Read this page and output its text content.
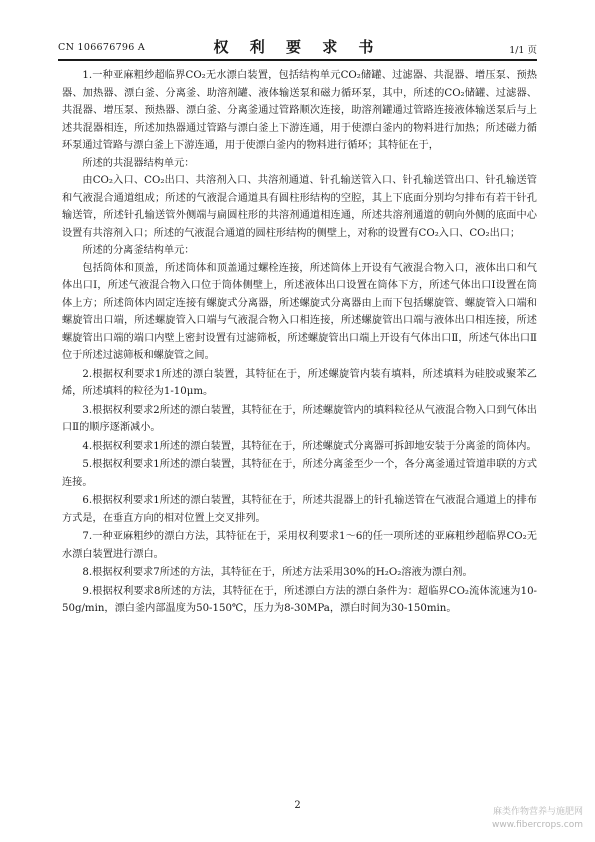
CN 106676796 A	权 利 要 求 书	1/1 页

1.一种亚麻粗纱超临界CO₂无水漂白装置，包括结构单元CO₂储罐、过滤器、共混器、增压泵、预热器、加热器、漂白釜、分离釜、助溶剂罐、液体输送泵和磁力循环泵，其中，所述的CO₂储罐、过滤器、共混器、增压泵、预热器、漂白釜、分离釜通过管路顺次连接，助溶剂罐通过管路连接液体输送泵后与上述共混器相连，所述加热器通过管路与漂白釜上下游连通，用于使漂白釜内的物料进行加热；所述磁力循环泵通过管路与漂白釜上下游连通，用于使漂白釜内的物料进行循环；其特征在于，

所述的共混器结构单元：

由CO₂入口、CO₂出口、共溶剂入口、共溶剂通道、针孔输送管入口、针孔输送管出口、针孔输送管和气液混合通道组成；所述的气液混合通道具有圆柱形结构的空腔，其上下底面分别均匀排布有若干针孔输送管，所述针孔输送管外侧端与扁圆柱形的共溶剂通道相连通，所述共溶剂通道的朝向外侧的底面中心设置有共溶剂入口；所述的气液混合通道的圆柱形结构的侧壁上，对称的设置有CO₂入口、CO₂出口；

所述的分离釜结构单元：

包括筒体和顶盖，所述筒体和顶盖通过螺栓连接，所述筒体上开设有气液混合物入口，液体出口和气体出口Ⅰ，所述气液混合物入口位于筒体侧壁上，所述液体出口设置在筒体下方，所述气体出口Ⅰ设置在筒体上方；所述筒体内固定连接有螺旋式分离器，所述螺旋式分离器由上而下包括螺旋管、螺旋管入口端和螺旋管出口端，所述螺旋管入口端与气液混合物入口相连接，所述螺旋管出口端与液体出口相连接，所述螺旋管出口端的端口内壁上密封设置有过滤筛板，所述螺旋管出口端上开设有气体出口Ⅱ，所述气体出口Ⅱ位于所述过滤筛板和螺旋管之间。

2.根据权利要求1所述的漂白装置，其特征在于，所述螺旋管内装有填料，所述填料为硅胶或聚苯乙烯，所述填料的粒径为1-10μm。

3.根据权利要求2所述的漂白装置，其特征在于，所述螺旋管内的填料粒径从气液混合物入口到气体出口Ⅱ的顺序逐渐减小。

4.根据权利要求1所述的漂白装置，其特征在于，所述螺旋式分离器可拆卸地安装于分离釜的筒体内。

5.根据权利要求1所述的漂白装置，其特征在于，所述分离釜至少一个，各分离釜通过管道串联的方式连接。

6.根据权利要求1所述的漂白装置，其特征在于，所述共混器上的针孔输送管在气液混合通道上的排布方式是，在垂直方向的相对位置上交叉排列。

7.一种亚麻粗纱的漂白方法，其特征在于，采用权利要求1～6的任一项所述的亚麻粗纱超临界CO₂无水漂白装置进行漂白。

8.根据权利要求7所述的方法，其特征在于，所述方法采用30%的H₂O₂溶液为漂白剂。

9.根据权利要求8所述的方法，其特征在于，所述漂白方法的漂白条件为：超临界CO₂流体流速为10-50g/min，漂白釜内部温度为50-150℃，压力为8-30MPa，漂白时间为30-150min。

2
麻类作物营养与施肥网
www.fibercrops.com
